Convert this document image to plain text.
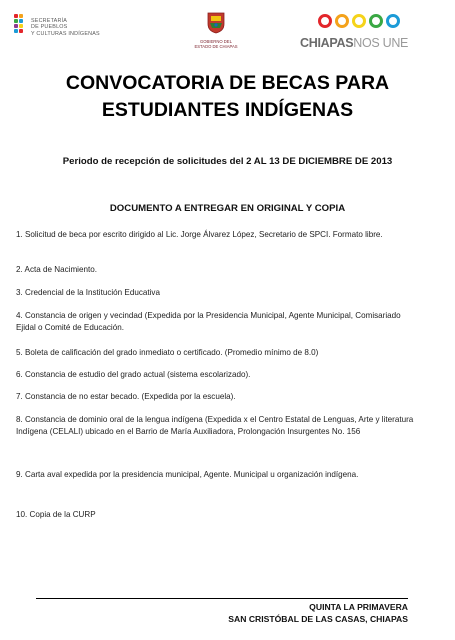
SECRETARÍA
DE PUEBLOS
Y CULTURAS INDÍGENAS
GOBIERNO DEL
ESTADO DE CHIAPAS	CHIAPASNOS UNE
CONVOCATORIA DE BECAS PARA
ESTUDIANTES INDÍGENAS
Periodo de recepción de solicitudes del 2 AL 13 DE DICIEMBRE DE 2013
DOCUMENTO A ENTREGAR EN ORIGINAL Y COPIA
1. Solicitud de beca por escrito dirigido al Lic. Jorge Álvarez López, Secretario de SPCI. Formato libre.
2. Acta de Nacimiento.
3. Credencial de la Institución Educativa
4. Constancia de origen y vecindad (Expedida por la Presidencia Municipal, Agente Municipal, Comisariado Ejidal o Comité de Educación.
5. Boleta de calificación del grado inmediato o certificado. (Promedio mínimo de 8.0)
6. Constancia de estudio del grado actual (sistema escolarizado).
7. Constancia de no estar becado. (Expedida por la escuela).
8. Constancia de dominio oral de la lengua indígena (Expedida x el Centro Estatal de Lenguas, Arte y literatura Indígena (CELALI) ubicado en el Barrio de María Auxiliadora, Prolongación Insurgentes No. 156
9. Carta aval expedida por la presidencia municipal, Agente. Municipal u organización indígena.
10. Copia de la CURP
QUINTA LA PRIMAVERA
SAN CRISTÓBAL DE LAS CASAS, CHIAPAS
